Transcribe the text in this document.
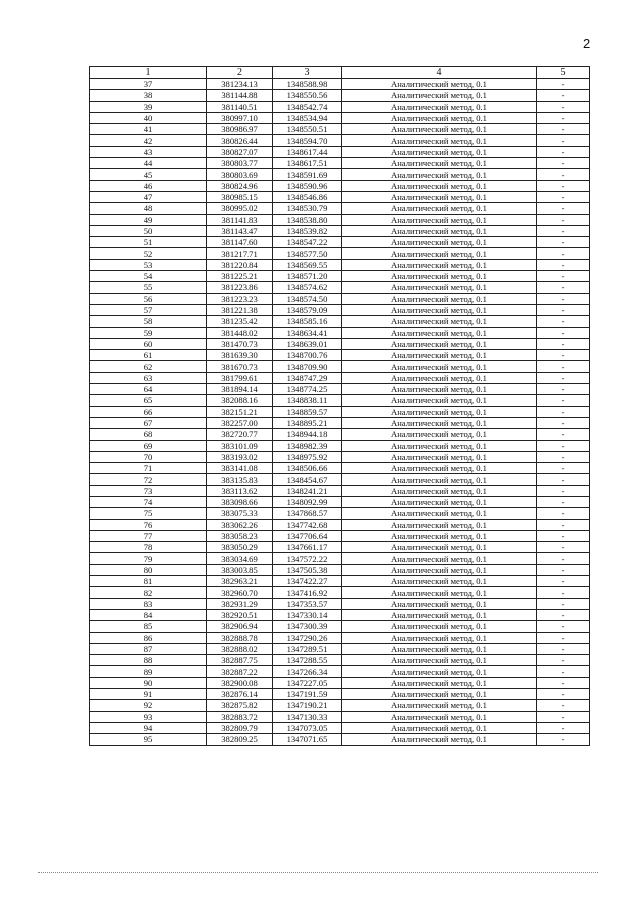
2
1	2	3	4	5
37	381234.13	1348588.98	Аналитический метод, 0.1	-
38	381144.88	1348550.56	Аналитический метод, 0.1	-
39	381140.51	1348542.74	Аналитический метод, 0.1	-
40	380997.10	1348534.94	Аналитический метод, 0.1	-
41	380986.97	1348550.51	Аналитический метод, 0.1	-
42	380826.44	1348594.70	Аналитический метод, 0.1	-
43	380827.07	1348617.44	Аналитический метод, 0.1	-
44	380803.77	1348617.51	Аналитический метод, 0.1	-
45	380803.69	1348591.69	Аналитический метод, 0.1	-
46	380824.96	1348590.96	Аналитический метод, 0.1	-
47	380985.15	1348546.86	Аналитический метод, 0.1	-
48	380995.02	1348530.79	Аналитический метод, 0.1	-
49	381141.83	1348538.80	Аналитический метод, 0.1	-
50	381143.47	1348539.82	Аналитический метод, 0.1	-
51	381147.60	1348547.22	Аналитический метод, 0.1	-
52	381217.71	1348577.50	Аналитический метод, 0.1	-
53	381220.84	1348569.55	Аналитический метод, 0.1	-
54	381225.21	1348571.20	Аналитический метод, 0.1	-
55	381223.86	1348574.62	Аналитический метод, 0.1	-
56	381223.23	1348574.50	Аналитический метод, 0.1	-
57	381221.38	1348579.09	Аналитический метод, 0.1	-
58	381235.42	1348585.16	Аналитический метод, 0.1	-
59	381448.02	1348634.41	Аналитический метод, 0.1	-
60	381470.73	1348639.01	Аналитический метод, 0.1	-
61	381639.30	1348700.76	Аналитический метод, 0.1	-
62	381670.73	1348709.90	Аналитический метод, 0.1	-
63	381799.61	1348747.29	Аналитический метод, 0.1	-
64	381894.14	1348774.25	Аналитический метод, 0.1	-
65	382088.16	1348838.11	Аналитический метод, 0.1	-
66	382151.21	1348859.57	Аналитический метод, 0.1	-
67	382257.00	1348895.21	Аналитический метод, 0.1	-
68	382720.77	1348944.18	Аналитический метод, 0.1	-
69	383101.09	1348982.39	Аналитический метод, 0.1	-
70	383193.02	1348975.92	Аналитический метод, 0.1	-
71	383141.08	1348506.66	Аналитический метод, 0.1	-
72	383135.83	1348454.67	Аналитический метод, 0.1	-
73	383113.62	1348241.21	Аналитический метод, 0.1	-
74	383098.66	1348092.99	Аналитический метод, 0.1	-
75	383075.33	1347868.57	Аналитический метод, 0.1	-
76	383062.26	1347742.68	Аналитический метод, 0.1	-
77	383058.23	1347706.64	Аналитический метод, 0.1	-
78	383050.29	1347661.17	Аналитический метод, 0.1	-
79	383034.69	1347572.22	Аналитический метод, 0.1	-
80	383003.85	1347505.38	Аналитический метод, 0.1	-
81	382963.21	1347422.27	Аналитический метод, 0.1	-
82	382960.70	1347416.92	Аналитический метод, 0.1	-
83	382931.29	1347353.57	Аналитический метод, 0.1	-
84	382920.51	1347330.14	Аналитический метод, 0.1	-
85	382906.94	1347300.39	Аналитический метод, 0.1	-
86	382888.78	1347290.26	Аналитический метод, 0.1	-
87	382888.02	1347289.51	Аналитический метод, 0.1	-
88	382887.75	1347288.55	Аналитический метод, 0.1	-
89	382887.22	1347266.34	Аналитический метод, 0.1	-
90	382900.08	1347227.05	Аналитический метод, 0.1	-
91	382876.14	1347191.59	Аналитический метод, 0.1	-
92	382875.82	1347190.21	Аналитический метод, 0.1	-
93	382883.72	1347130.33	Аналитический метод, 0.1	-
94	382809.79	1347073.05	Аналитический метод, 0.1	-
95	382809.25	1347071.65	Аналитический метод, 0.1	-
